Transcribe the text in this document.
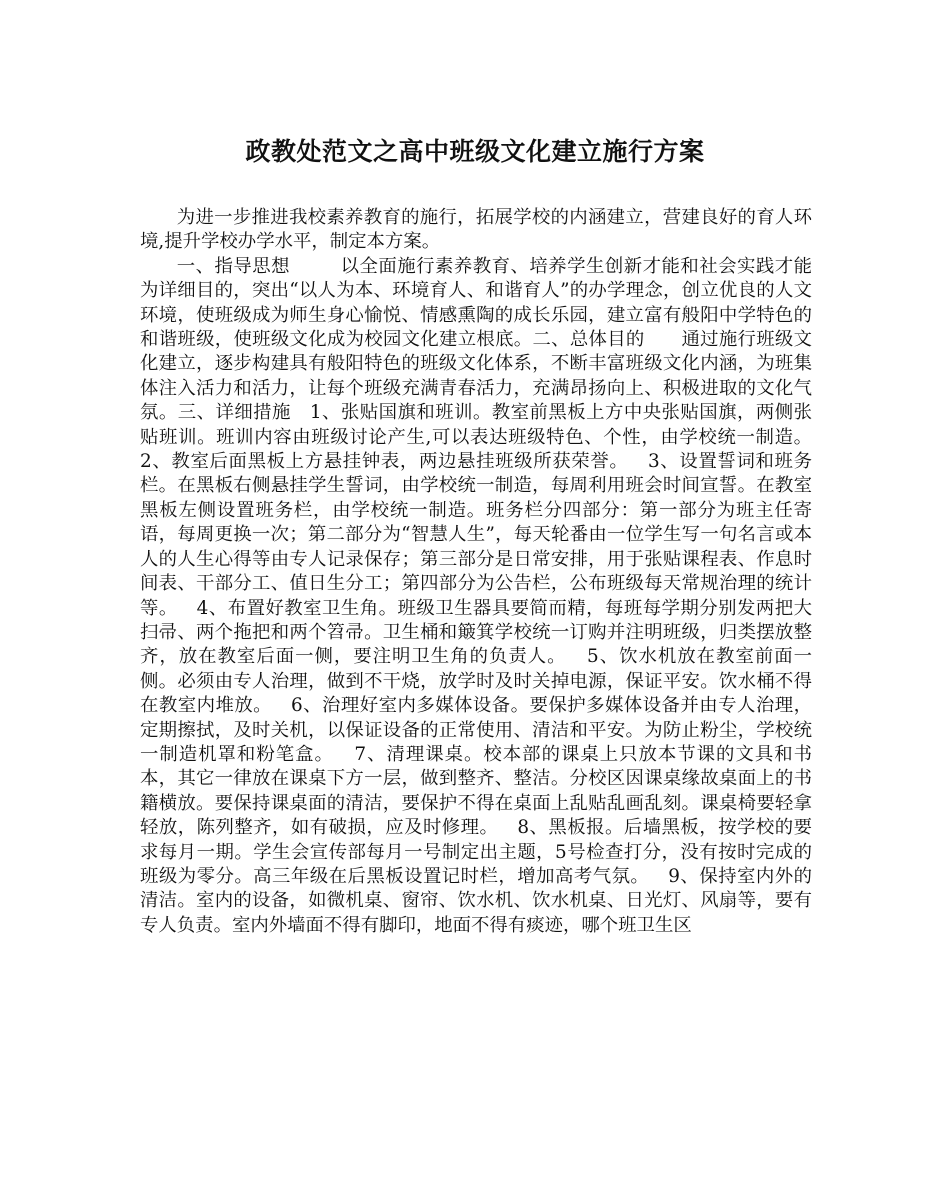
政教处范文之高中班级文化建立施行方案

为进一步推进我校素养教育的施行，拓展学校的内涵建立，营建良好的育人环境,提升学校办学水平，制定本方案。

一、指导思想        以全面施行素养教育、培养学生创新才能和社会实践才能为详细目的，突出“以人为本、环境育人、和谐育人”的办学理念，创立优良的人文环境，使班级成为师生身心愉悦、情感熏陶的成长乐园，建立富有般阳中学特色的和谐班级，使班级文化成为校园文化建立根底。二、总体目的      通过施行班级文化建立，逐步构建具有般阳特色的班级文化体系，不断丰富班级文化内涵，为班集体注入活力和活力，让每个班级充满青春活力，充满昂扬向上、积极进取的文化气氛。三、详细措施   1、张贴国旗和班训。教室前黑板上方中央张贴国旗，两侧张贴班训。班训内容由班级讨论产生,可以表达班级特色、个性，由学校统一制造。   2、教室后面黑板上方悬挂钟表，两边悬挂班级所获荣誉。   3、设置誓词和班务栏。在黑板右侧悬挂学生誓词，由学校统一制造，每周利用班会时间宣誓。在教室黑板左侧设置班务栏，由学校统一制造。班务栏分四部分：第一部分为班主任寄语，每周更换一次；第二部分为“智慧人生”，每天轮番由一位学生写一句名言或本人的人生心得等由专人记录保存；第三部分是日常安排，用于张贴课程表、作息时间表、干部分工、值日生分工；第四部分为公告栏，公布班级每天常规治理的统计等。   4、布置好教室卫生角。班级卫生器具要简而精，每班每学期分别发两把大扫帚、两个拖把和两个笤帚。卫生桶和簸箕学校统一订购并注明班级，归类摆放整齐，放在教室后面一侧，要注明卫生角的负责人。   5、饮水机放在教室前面一侧。必须由专人治理，做到不干烧，放学时及时关掉电源，保证平安。饮水桶不得在教室内堆放。   6、治理好室内多媒体设备。要保护多媒体设备并由专人治理，定期擦拭，及时关机，以保证设备的正常使用、清洁和平安。为防止粉尘，学校统一制造机罩和粉笔盒。   7、清理课桌。校本部的课桌上只放本节课的文具和书本，其它一律放在课桌下方一层，做到整齐、整洁。分校区因课桌缘故桌面上的书籍横放。要保持课桌面的清洁，要保护不得在桌面上乱贴乱画乱刻。课桌椅要轻拿轻放，陈列整齐，如有破损，应及时修理。   8、黑板报。后墙黑板，按学校的要求每月一期。学生会宣传部每月一号制定出主题，5号检查打分，没有按时完成的班级为零分。高三年级在后黑板设置记时栏，增加高考气氛。   9、保持室内外的清洁。室内的设备，如微机桌、窗帘、饮水机、饮水机桌、日光灯、风扇等，要有专人负责。室内外墙面不得有脚印，地面不得有痰迹，哪个班卫生区
